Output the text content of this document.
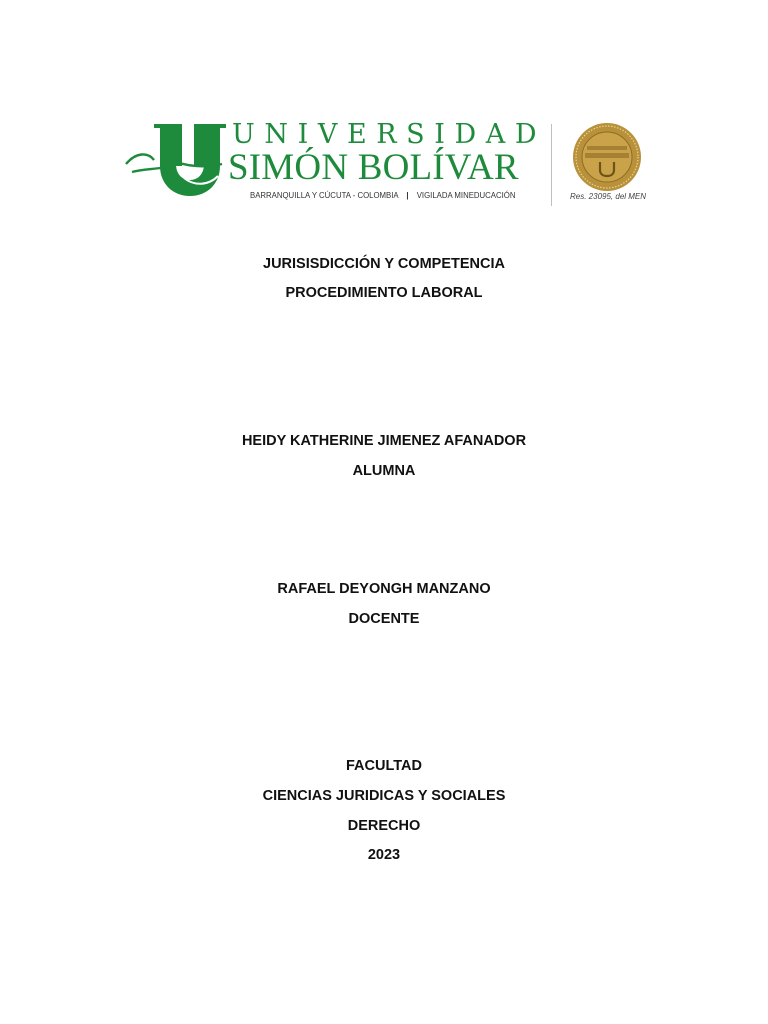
UNIVERSIDAD
SIMÓN BOLÍVAR
BARRANQUILLA Y CÚCUTA - COLOMBIA | VIGILADA MINEDUCACIÓN	Res. 23095, del MEN
JURISISDICCIÓN Y COMPETENCIA
PROCEDIMIENTO LABORAL
HEIDY KATHERINE JIMENEZ AFANADOR
ALUMNA
RAFAEL DEYONGH MANZANO
DOCENTE
FACULTAD
CIENCIAS JURIDICAS Y SOCIALES
DERECHO
2023
